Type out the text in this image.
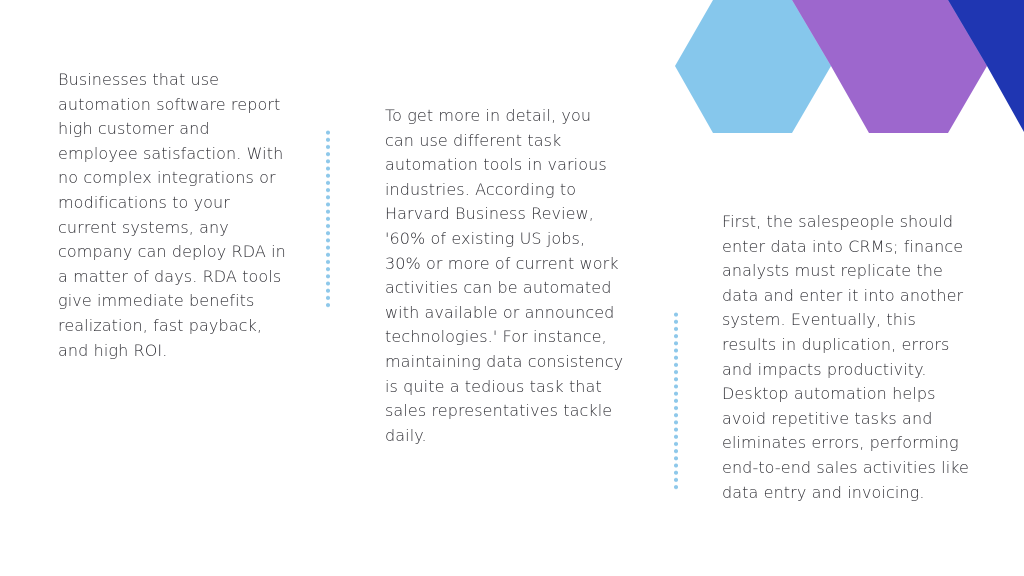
Businesses that use automation software report high customer and employee satisfaction. With no complex integrations or modifications to your current systems, any company can deploy RDA in a matter of days. RDA tools give immediate benefits realization, fast payback, and high ROI.

To get more in detail, you can use different task automation tools in various industries. According to Harvard Business Review, '60% of existing US jobs, 30% or more of current work activities can be automated with available or announced technologies.' For instance, maintaining data consistency is quite a tedious task that sales representatives tackle daily.

First, the salespeople should enter data into CRMs; finance analysts must replicate the data and enter it into another system. Eventually, this results in duplication, errors and impacts productivity. Desktop automation helps avoid repetitive tasks and eliminates errors, performing end-to-end sales activities like data entry and invoicing.
